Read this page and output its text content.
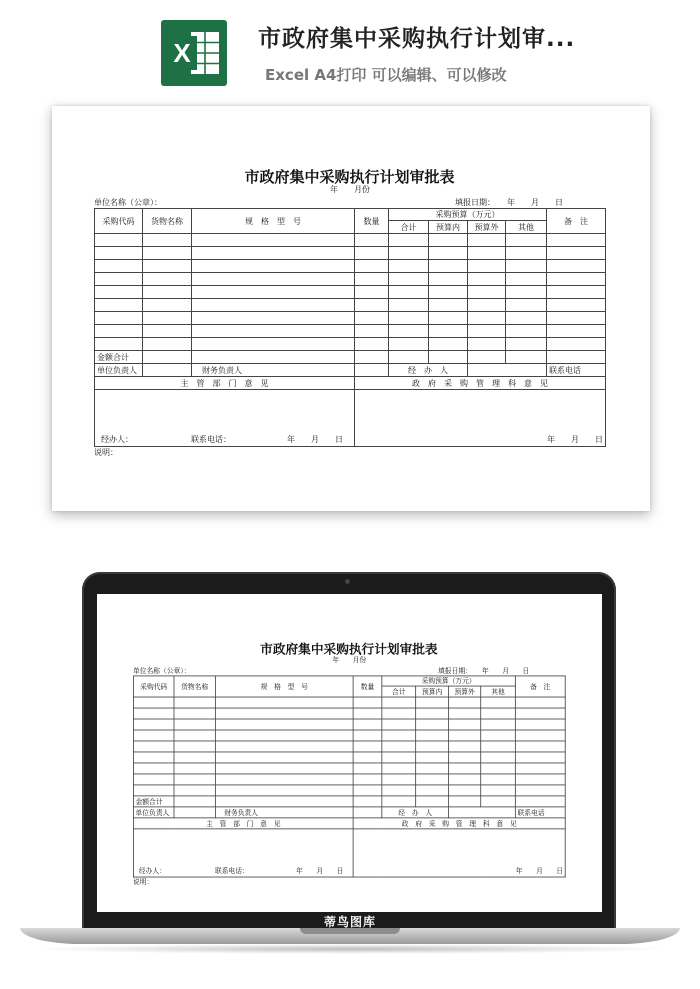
X	市政府集中采购执行计划审...
Excel A4打印 可以编辑、可以修改
蒂鸟图库
市政府集中采购执行计划审批表
年　　月份
单位名称（公章）：	填报日期：　　年　　月　　日
采购代码	货物名称	规　格　型　号	数量	采购预算（万元）				备　注
				合计	预算内	预算外	其他	

金额合计								
单位负责人		财务负责人		经　办　人				联系电话
主　管　部　门　意　见			政　府　采　购　管　理　科　意　见					

经办人： 联系电话： 年　　月　　日			年　　月　　日					
说明：
市政府集中采购执行计划审批表
年　　月份
单位名称（公章）：	填报日期：　　年　　月　　日
采购代码	货物名称	规　格　型　号	数量	采购预算（万元）				备　注
				合计	预算内	预算外	其他	

金额合计								
单位负责人		财务负责人		经　办　人				联系电话
主　管　部　门　意　见			政　府　采　购　管　理　科　意　见					

经办人： 联系电话： 年　　月　　日			年　　月　　日					
说明：
